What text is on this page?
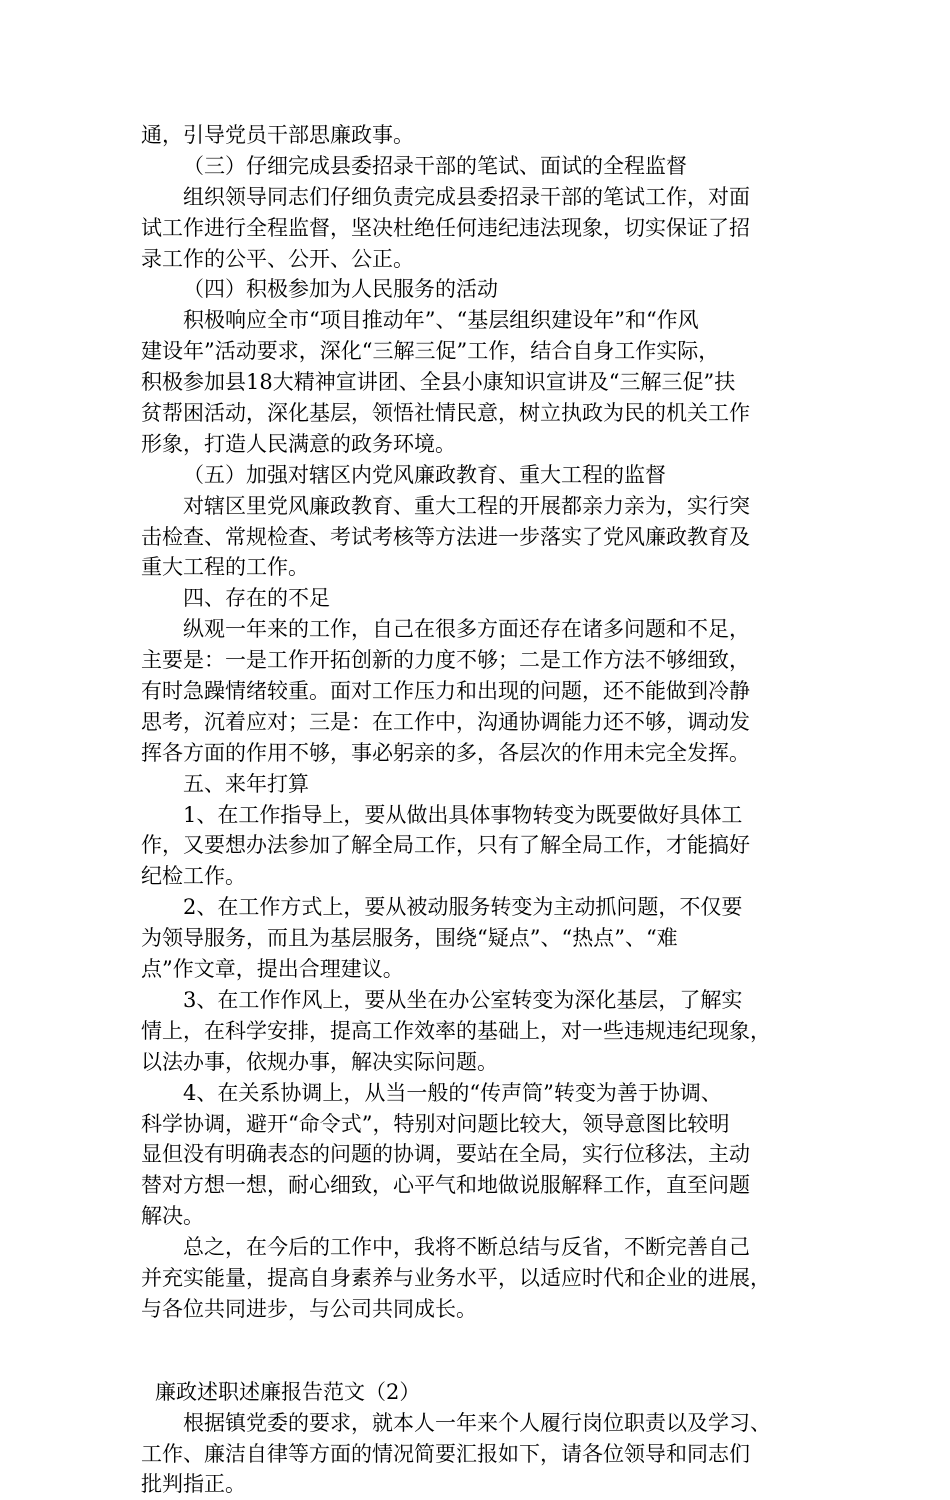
通，引导党员干部思廉政事。
（三）仔细完成县委招录干部的笔试、面试的全程监督
组织领导同志们仔细负责完成县委招录干部的笔试工作，对面
试工作进行全程监督，坚决杜绝任何违纪违法现象，切实保证了招
录工作的公平、公开、公正。
（四）积极参加为人民服务的活动
积极响应全市“项目推动年”、“基层组织建设年”和“作风
建设年”活动要求，深化“三解三促”工作，结合自身工作实际，
积极参加县18大精神宣讲团、全县小康知识宣讲及“三解三促”扶
贫帮困活动，深化基层，领悟社情民意，树立执政为民的机关工作
形象，打造人民满意的政务环境。
（五）加强对辖区内党风廉政教育、重大工程的监督
对辖区里党风廉政教育、重大工程的开展都亲力亲为，实行突
击检查、常规检查、考试考核等方法进一步落实了党风廉政教育及
重大工程的工作。
四、存在的不足
纵观一年来的工作，自己在很多方面还存在诸多问题和不足，
主要是：一是工作开拓创新的力度不够；二是工作方法不够细致，
有时急躁情绪较重。面对工作压力和出现的问题，还不能做到冷静
思考，沉着应对；三是：在工作中，沟通协调能力还不够，调动发
挥各方面的作用不够，事必躬亲的多，各层次的作用未完全发挥。
五、来年打算
1、在工作指导上，要从做出具体事物转变为既要做好具体工
作，又要想办法参加了解全局工作，只有了解全局工作，才能搞好
纪检工作。
2、在工作方式上，要从被动服务转变为主动抓问题，不仅要
为领导服务，而且为基层服务，围绕“疑点”、“热点”、“难
点”作文章，提出合理建议。
3、在工作作风上，要从坐在办公室转变为深化基层，了解实
情上，在科学安排，提高工作效率的基础上，对一些违规违纪现象，
以法办事，依规办事，解决实际问题。
4、在关系协调上，从当一般的“传声筒”转变为善于协调、
科学协调，避开“命令式”，特别对问题比较大，领导意图比较明
显但没有明确表态的问题的协调，要站在全局，实行位移法，主动
替对方想一想，耐心细致，心平气和地做说服解释工作，直至问题
解决。
总之，在今后的工作中，我将不断总结与反省，不断完善自己
并充实能量，提高自身素养与业务水平，以适应时代和企业的进展，
与各位共同进步，与公司共同成长。
廉政述职述廉报告范文（2）
根据镇党委的要求，就本人一年来个人履行岗位职责以及学习、
工作、廉洁自律等方面的情况简要汇报如下，请各位领导和同志们
批判指正。
